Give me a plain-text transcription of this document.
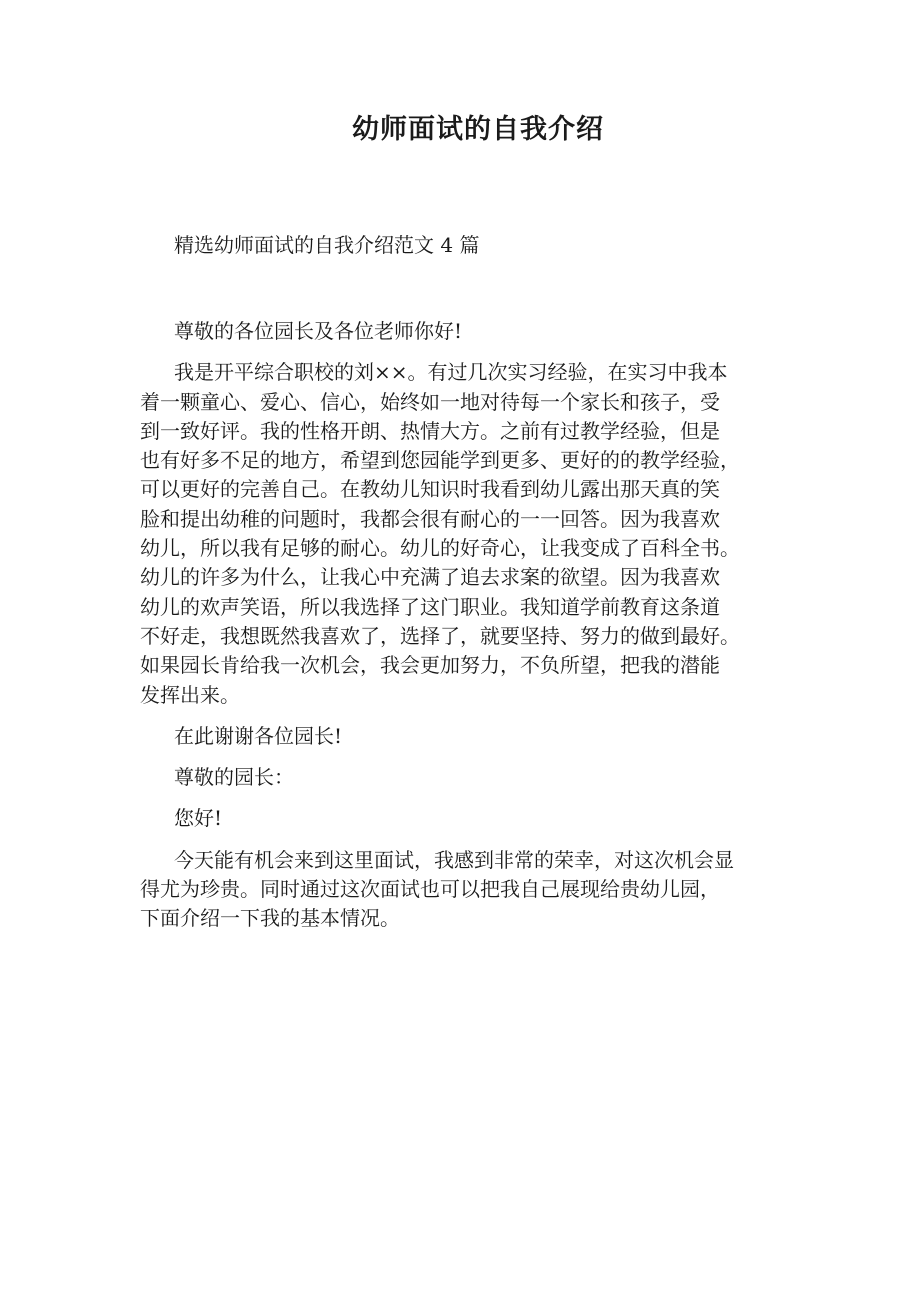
幼师面试的自我介绍

精选幼师面试的自我介绍范文 4 篇

尊敬的各位园长及各位老师你好!

我是开平综合职校的刘××。有过几次实习经验，在实习中我本
着一颗童心、爱心、信心，始终如一地对待每一个家长和孩子，受
到一致好评。我的性格开朗、热情大方。之前有过教学经验，但是
也有好多不足的地方，希望到您园能学到更多、更好的的教学经验，
可以更好的完善自己。在教幼儿知识时我看到幼儿露出那天真的笑
脸和提出幼稚的问题时，我都会很有耐心的一一回答。因为我喜欢
幼儿，所以我有足够的耐心。幼儿的好奇心，让我变成了百科全书。
幼儿的许多为什么，让我心中充满了追去求案的欲望。因为我喜欢
幼儿的欢声笑语，所以我选择了这门职业。我知道学前教育这条道
不好走，我想既然我喜欢了，选择了，就要坚持、努力的做到最好。
如果园长肯给我一次机会，我会更加努力，不负所望，把我的潜能
发挥出来。

在此谢谢各位园长!

尊敬的园长：

您好!

今天能有机会来到这里面试，我感到非常的荣幸，对这次机会显
得尤为珍贵。同时通过这次面试也可以把我自己展现给贵幼儿园，
下面介绍一下我的基本情况。
